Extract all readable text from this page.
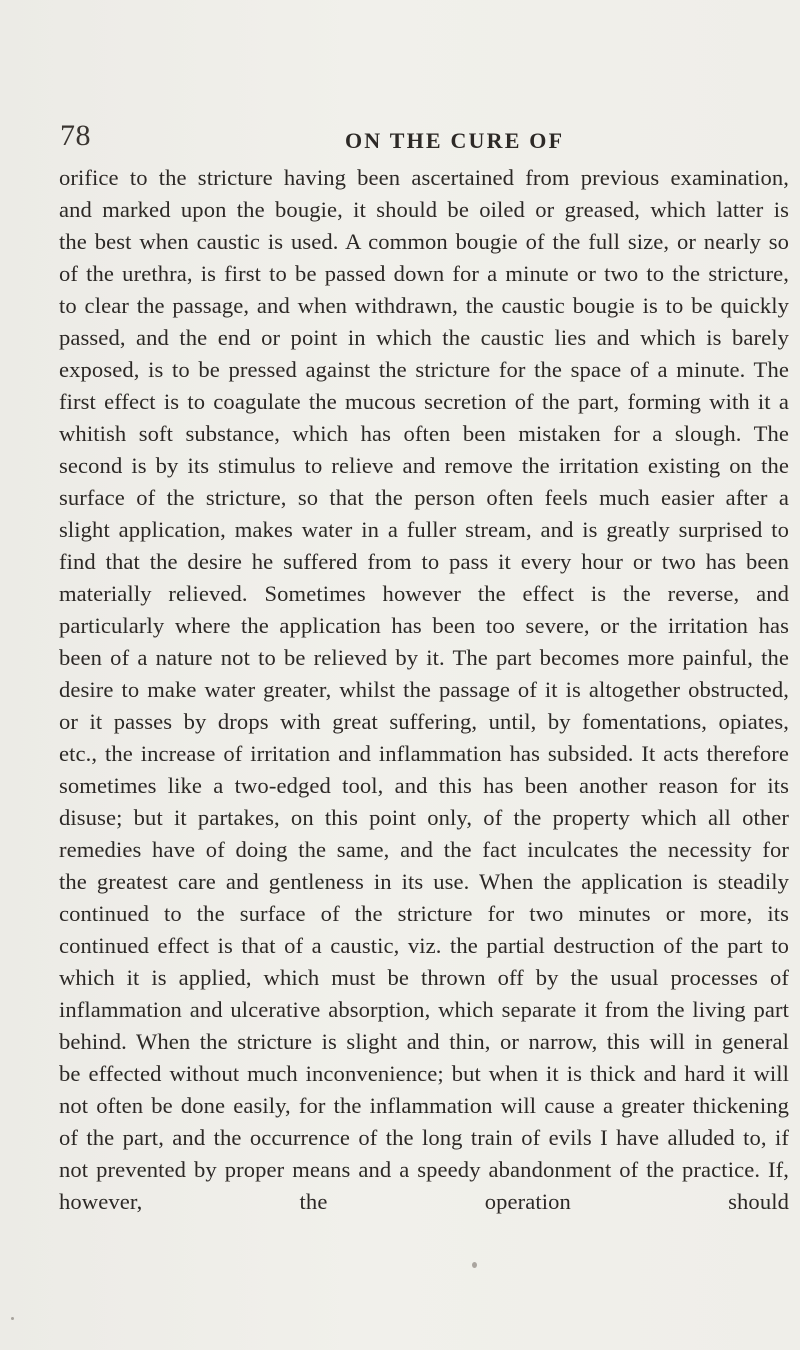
78	ON THE CURE OF

orifice to the stricture having been ascertained from previous examination, and marked upon the bougie, it should be oiled or greased, which latter is the best when caustic is used. A common bougie of the full size, or nearly so of the urethra, is first to be passed down for a minute or two to the stricture, to clear the passage, and when withdrawn, the caustic bougie is to be quickly passed, and the end or point in which the caustic lies and which is barely exposed, is to be pressed against the stricture for the space of a minute. The first effect is to coagulate the mucous secretion of the part, forming with it a whitish soft substance, which has often been mistaken for a slough. The second is by its stimulus to relieve and remove the irritation existing on the surface of the stricture, so that the person often feels much easier after a slight application, makes water in a fuller stream, and is greatly surprised to find that the desire he suffered from to pass it every hour or two has been materially relieved. Sometimes however the effect is the reverse, and particularly where the application has been too severe, or the irritation has been of a nature not to be relieved by it. The part becomes more painful, the desire to make water greater, whilst the passage of it is altogether obstructed, or it passes by drops with great suffering, until, by fomentations, opiates, etc., the increase of irritation and inflammation has subsided. It acts therefore sometimes like a two-edged tool, and this has been another reason for its disuse; but it partakes, on this point only, of the property which all other remedies have of doing the same, and the fact inculcates the necessity for the greatest care and gentleness in its use. When the application is steadily continued to the surface of the stricture for two minutes or more, its continued effect is that of a caustic, viz. the partial destruction of the part to which it is applied, which must be thrown off by the usual processes of inflammation and ulcerative absorption, which separate it from the living part behind. When the stricture is slight and thin, or narrow, this will in general be effected without much inconvenience; but when it is thick and hard it will not often be done easily, for the inflammation will cause a greater thickening of the part, and the occurrence of the long train of evils I have alluded to, if not prevented by proper means and a speedy abandonment of the practice. If, however, the operation should
